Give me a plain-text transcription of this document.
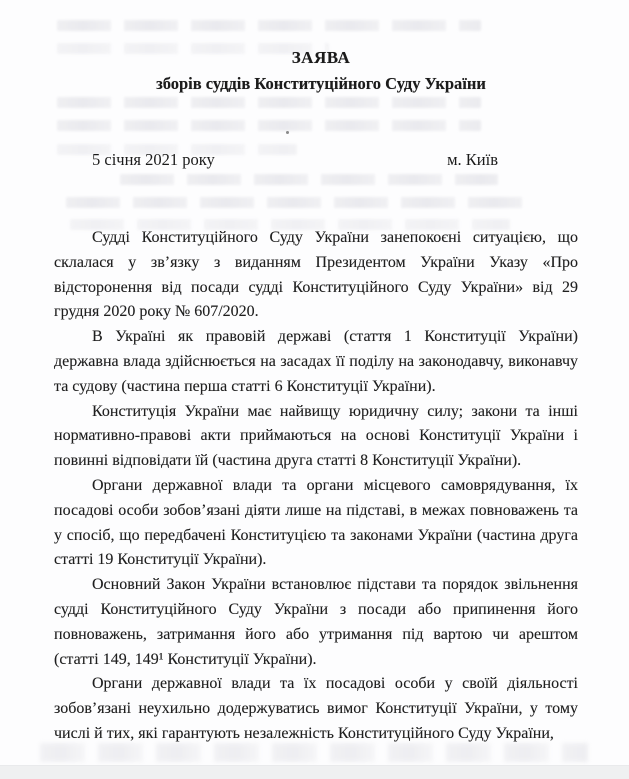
ЗАЯВА
зборів суддів Конституційного Суду України
5 січня 2021 року	м. Київ

Судді Конституційного Суду України занепокоєні ситуацією, що склалася у зв’язку з виданням Президентом України Указу «Про відсторонення від посади судді Конституційного Суду України» від 29 грудня 2020 року № 607/2020.

В Україні як правовій державі (стаття 1 Конституції України) державна влада здійснюється на засадах її поділу на законодавчу, виконавчу та судову (частина перша статті 6 Конституції України).

Конституція України має найвищу юридичну силу; закони та інші нормативно-правові акти приймаються на основі Конституції України і повинні відповідати їй (частина друга статті 8 Конституції України).

Органи державної влади та органи місцевого самоврядування, їх посадові особи зобов’язані діяти лише на підставі, в межах повноважень та у спосіб, що передбачені Конституцією та законами України (частина друга статті 19 Конституції України).

Основний Закон України встановлює підстави та порядок звільнення судді Конституційного Суду України з посади або припинення його повноважень, затримання його або утримання під вартою чи арештом (статті 149, 149¹ Конституції України).

Органи державної влади та їх посадові особи у своїй діяльності зобов’язані неухильно додержуватись вимог Конституції України, у тому числі й тих, які гарантують незалежність Конституційного Суду України,
